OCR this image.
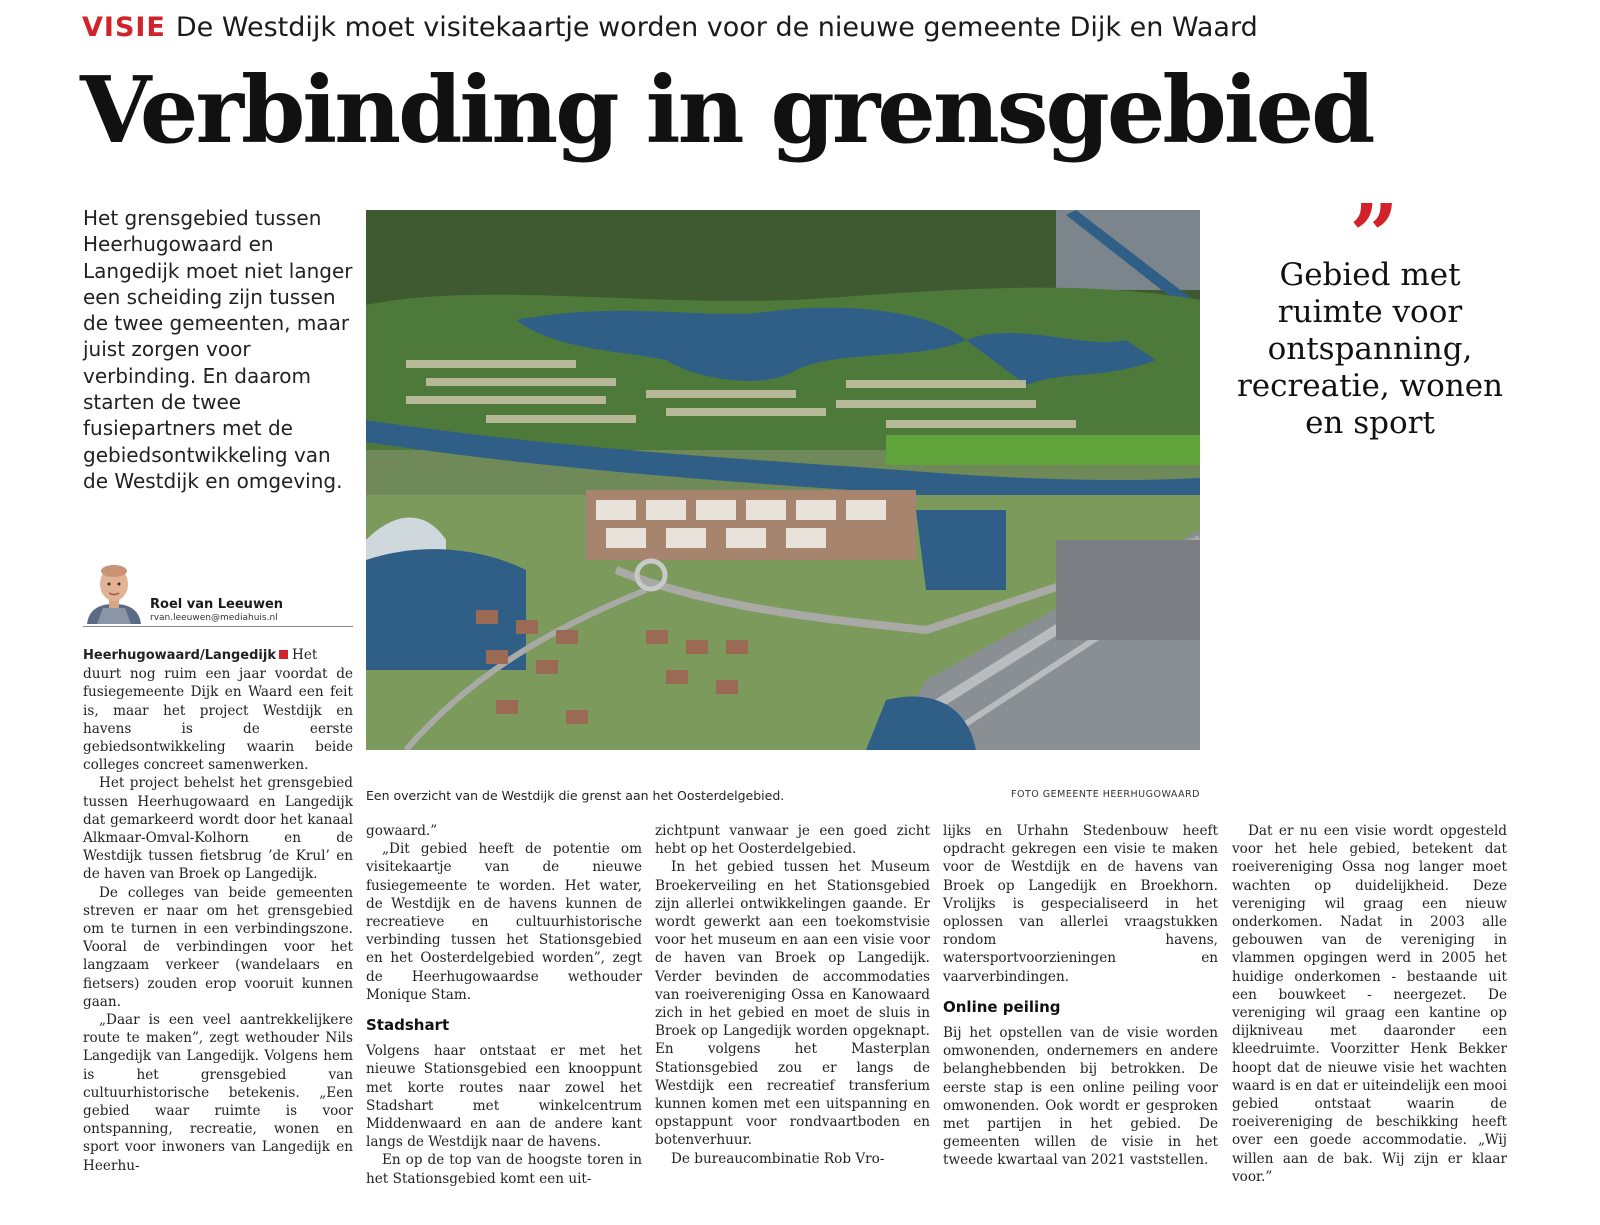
VISIE De Westdijk moet visitekaartje worden voor de nieuwe gemeente Dijk en Waard
Verbinding in grensgebied
Het grensgebied tussen Heerhugowaard en Langedijk moet niet langer een scheiding zijn tussen de twee gemeenten, maar juist zorgen voor verbinding. En daarom starten de twee fusiepartners met de gebiedsontwikkeling van de Westdijk en omgeving.
Roel van Leeuwen
rvan.leeuwen@mediahuis.nl
Een overzicht van de Westdijk die grenst aan het Oosterdelgebied.	FOTO GEMEENTE HEERHUGOWAARD
”
Gebied met ruimte voor ontspanning, recreatie, wonen en sport

Heerhugowaard/Langedijk Het duurt nog ruim een jaar voordat de fusiegemeente Dijk en Waard een feit is, maar het project Westdijk en havens is de eerste gebiedsontwikkeling waarin beide colleges concreet samenwerken.

Het project behelst het grensgebied tussen Heerhugowaard en Langedijk dat gemarkeerd wordt door het kanaal Alkmaar-Omval-Kolhorn en de Westdijk tussen fietsbrug ’de Krul’ en de haven van Broek op Langedijk.

De colleges van beide gemeenten streven er naar om het grensgebied om te turnen in een verbindingszone. Vooral de verbindingen voor het langzaam verkeer (wandelaars en fietsers) zouden erop vooruit kunnen gaan.

„Daar is een veel aantrekkelijkere route te maken”, zegt wethouder Nils Langedijk van Langedijk. Volgens hem is het grensgebied van cultuurhistorische betekenis. „Een gebied waar ruimte is voor ontspanning, recreatie, wonen en sport voor inwoners van Langedijk en Heerhu-

gowaard.”

„Dit gebied heeft de potentie om visitekaartje van de nieuwe fusiegemeente te worden. Het water, de Westdijk en de havens kunnen de recreatieve en cultuurhistorische verbinding tussen het Stationsgebied en het Oosterdelgebied worden”, zegt de Heerhugowaardse wethouder Monique Stam.

Stadshart

Volgens haar ontstaat er met het nieuwe Stationsgebied een knooppunt met korte routes naar zowel het Stadshart met winkelcentrum Middenwaard en aan de andere kant langs de Westdijk naar de havens.

En op de top van de hoogste toren in het Stationsgebied komt een uit-

zichtpunt vanwaar je een goed zicht hebt op het Oosterdelgebied.

In het gebied tussen het Museum Broekerveiling en het Stationsgebied zijn allerlei ontwikkelingen gaande. Er wordt gewerkt aan een toekomstvisie voor het museum en aan een visie voor de haven van Broek op Langedijk. Verder bevinden de accommodaties van roeivereniging Ossa en Kanowaard zich in het gebied en moet de sluis in Broek op Langedijk worden opgeknapt. En volgens het Masterplan Stationsgebied zou er langs de Westdijk een recreatief transferium kunnen komen met een uitspanning en opstappunt voor rondvaartboden en botenverhuur.

De bureaucombinatie Rob Vro-

lijks en Urhahn Stedenbouw heeft opdracht gekregen een visie te maken voor de Westdijk en de havens van Broek op Langedijk en Broekhorn. Vrolijks is gespecialiseerd in het oplossen van allerlei vraagstukken rondom havens, watersportvoorzieningen en vaarverbindingen.

Online peiling

Bij het opstellen van de visie worden omwonenden, ondernemers en andere belanghebbenden bij betrokken. De eerste stap is een online peiling voor omwonenden. Ook wordt er gesproken met partijen in het gebied. De gemeenten willen de visie in het tweede kwartaal van 2021 vaststellen.

Dat er nu een visie wordt opgesteld voor het hele gebied, betekent dat roeivereniging Ossa nog langer moet wachten op duidelijkheid. Deze vereniging wil graag een nieuw onderkomen. Nadat in 2003 alle gebouwen van de vereniging in vlammen opgingen werd in 2005 het huidige onderkomen - bestaande uit een bouwkeet - neergezet. De vereniging wil graag een kantine op dijkniveau met daaronder een kleedruimte. Voorzitter Henk Bekker hoopt dat de nieuwe visie het wachten waard is en dat er uiteindelijk een mooi gebied ontstaat waarin de roeivereniging de beschikking heeft over een goede accommodatie. „Wij willen aan de bak. Wij zijn er klaar voor.”
